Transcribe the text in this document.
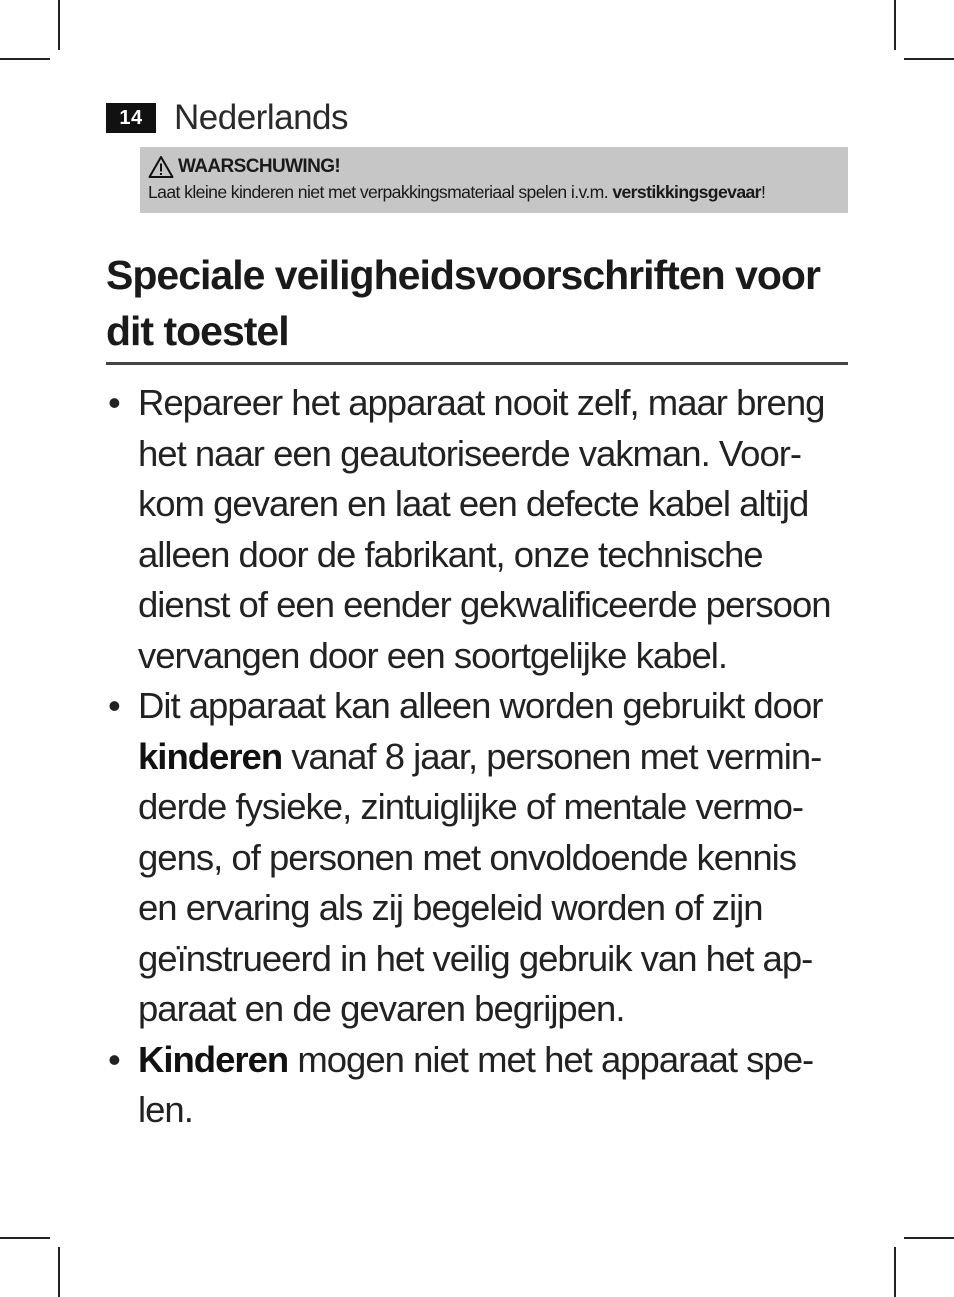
14 Nederlands
WAARSCHUWING!
Laat kleine kinderen niet met verpakkingsmateriaal spelen i.v.m. verstikkingsgevaar!
Speciale veiligheidsvoorschriften voor
dit toestel
• Repareer het apparaat nooit zelf, maar breng
het naar een geautoriseerde vakman. Voor-
kom gevaren en laat een defecte kabel altijd
alleen door de fabrikant, onze technische
dienst of een eender gekwalificeerde persoon
vervangen door een soortgelijke kabel.
• Dit apparaat kan alleen worden gebruikt door
kinderen vanaf 8 jaar, personen met vermin-
derde fysieke, zintuiglijke of mentale vermo-
gens, of personen met onvoldoende kennis
en ervaring als zij begeleid worden of zijn
geïnstrueerd in het veilig gebruik van het ap-
paraat en de gevaren begrijpen.
• Kinderen mogen niet met het apparaat spe-
len.
